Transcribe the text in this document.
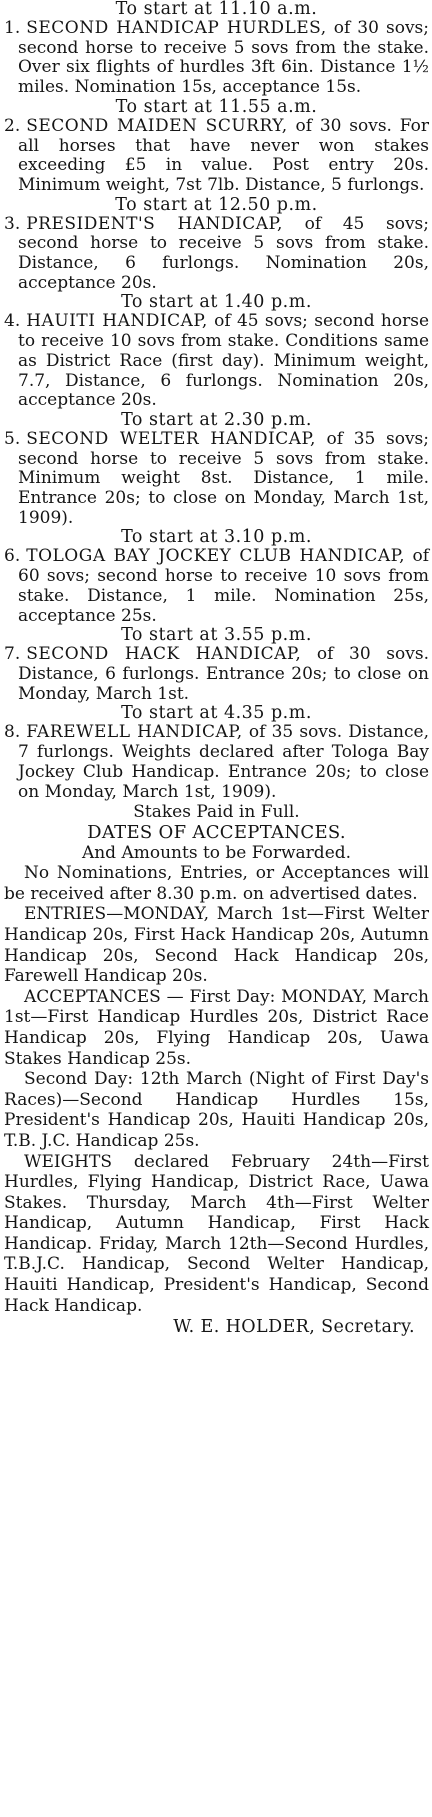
To start at 11.10 a.m.
1. SECOND HANDICAP HURDLES, of 30 sovs; second horse to receive 5 sovs from the stake. Over six flights of hurdles 3ft 6in. Distance 1½ miles. Nomination 15s, acceptance 15s.
To start at 11.55 a.m.
2. SECOND MAIDEN SCURRY, of 30 sovs. For all horses that have never won stakes exceeding £5 in value. Post entry 20s. Minimum weight, 7st 7lb. Distance, 5 furlongs.
To start at 12.50 p.m.
3. PRESIDENT'S HANDICAP, of 45 sovs; second horse to receive 5 sovs from stake. Distance, 6 furlongs. Nomination 20s, acceptance 20s.
To start at 1.40 p.m.
4. HAUITI HANDICAP, of 45 sovs; second horse to receive 10 sovs from stake. Conditions same as District Race (first day). Minimum weight, 7.7, Distance, 6 furlongs. Nomination 20s, acceptance 20s.
To start at 2.30 p.m.
5. SECOND WELTER HANDICAP, of 35 sovs; second horse to receive 5 sovs from stake. Minimum weight 8st. Distance, 1 mile. Entrance 20s; to close on Monday, March 1st, 1909).
To start at 3.10 p.m.
6. TOLOGA BAY JOCKEY CLUB HANDICAP, of 60 sovs; second horse to receive 10 sovs from stake. Distance, 1 mile. Nomination 25s, acceptance 25s.
To start at 3.55 p.m.
7. SECOND HACK HANDICAP, of 30 sovs. Distance, 6 furlongs. Entrance 20s; to close on Monday, March 1st.
To start at 4.35 p.m.
8. FAREWELL HANDICAP, of 35 sovs. Distance, 7 furlongs. Weights declared after Tologa Bay Jockey Club Handicap. Entrance 20s; to close on Monday, March 1st, 1909).
Stakes Paid in Full.
DATES OF ACCEPTANCES.
And Amounts to be Forwarded.
No Nominations, Entries, or Acceptances will be received after 8.30 p.m. on advertised dates.
ENTRIES—MONDAY, March 1st—First Welter Handicap 20s, First Hack Handicap 20s, Autumn Handicap 20s, Second Hack Handicap 20s, Farewell Handicap 20s.
ACCEPTANCES — First Day: MONDAY, March 1st—First Handicap Hurdles 20s, District Race Handicap 20s, Flying Handicap 20s, Uawa Stakes Handicap 25s.
Second Day: 12th March (Night of First Day's Races)—Second Handicap Hurdles 15s, President's Handicap 20s, Hauiti Handicap 20s, T.B. J.C. Handicap 25s.
WEIGHTS declared February 24th—First Hurdles, Flying Handicap, District Race, Uawa Stakes. Thursday, March 4th—First Welter Handicap, Autumn Handicap, First Hack Handicap. Friday, March 12th—Second Hurdles, T.B.J.C. Handicap, Second Welter Handicap, Hauiti Handicap, President's Handicap, Second Hack Handicap.
W. E. HOLDER, Secretary.
